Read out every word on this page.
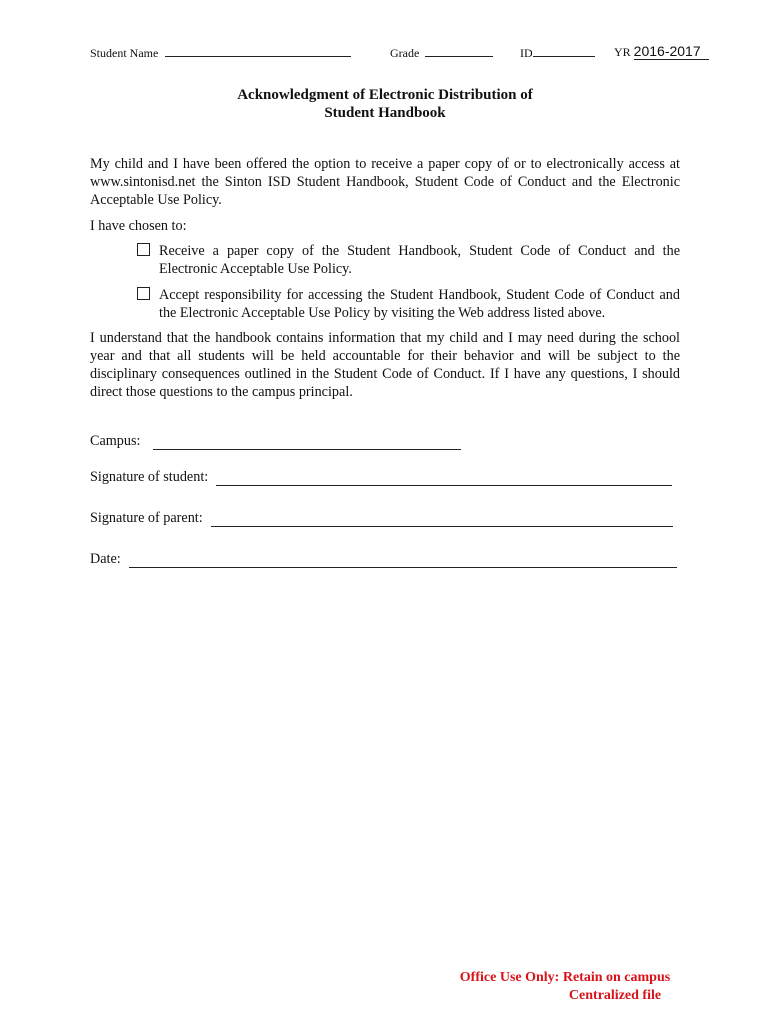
Student Name	Grade	ID	YR 2016-2017
Acknowledgment of Electronic Distribution of
Student Handbook
My child and I have been offered the option to receive a paper copy of or to electronically access at www.sintonisd.net the Sinton ISD Student Handbook, Student Code of Conduct and the Electronic Acceptable Use Policy.
I have chosen to:
Receive a paper copy of the Student Handbook, Student Code of Conduct and the Electronic Acceptable Use Policy.
Accept responsibility for accessing the Student Handbook, Student Code of Conduct and the Electronic Acceptable Use Policy by visiting the Web address listed above.
I understand that the handbook contains information that my child and I may need during the school year and that all students will be held accountable for their behavior and will be subject to the disciplinary consequences outlined in the Student Code of Conduct. If I have any questions, I should direct those questions to the campus principal.
Campus:
Signature of student:
Signature of parent:
Date:
Office Use Only: Retain on campus
Centralized file
